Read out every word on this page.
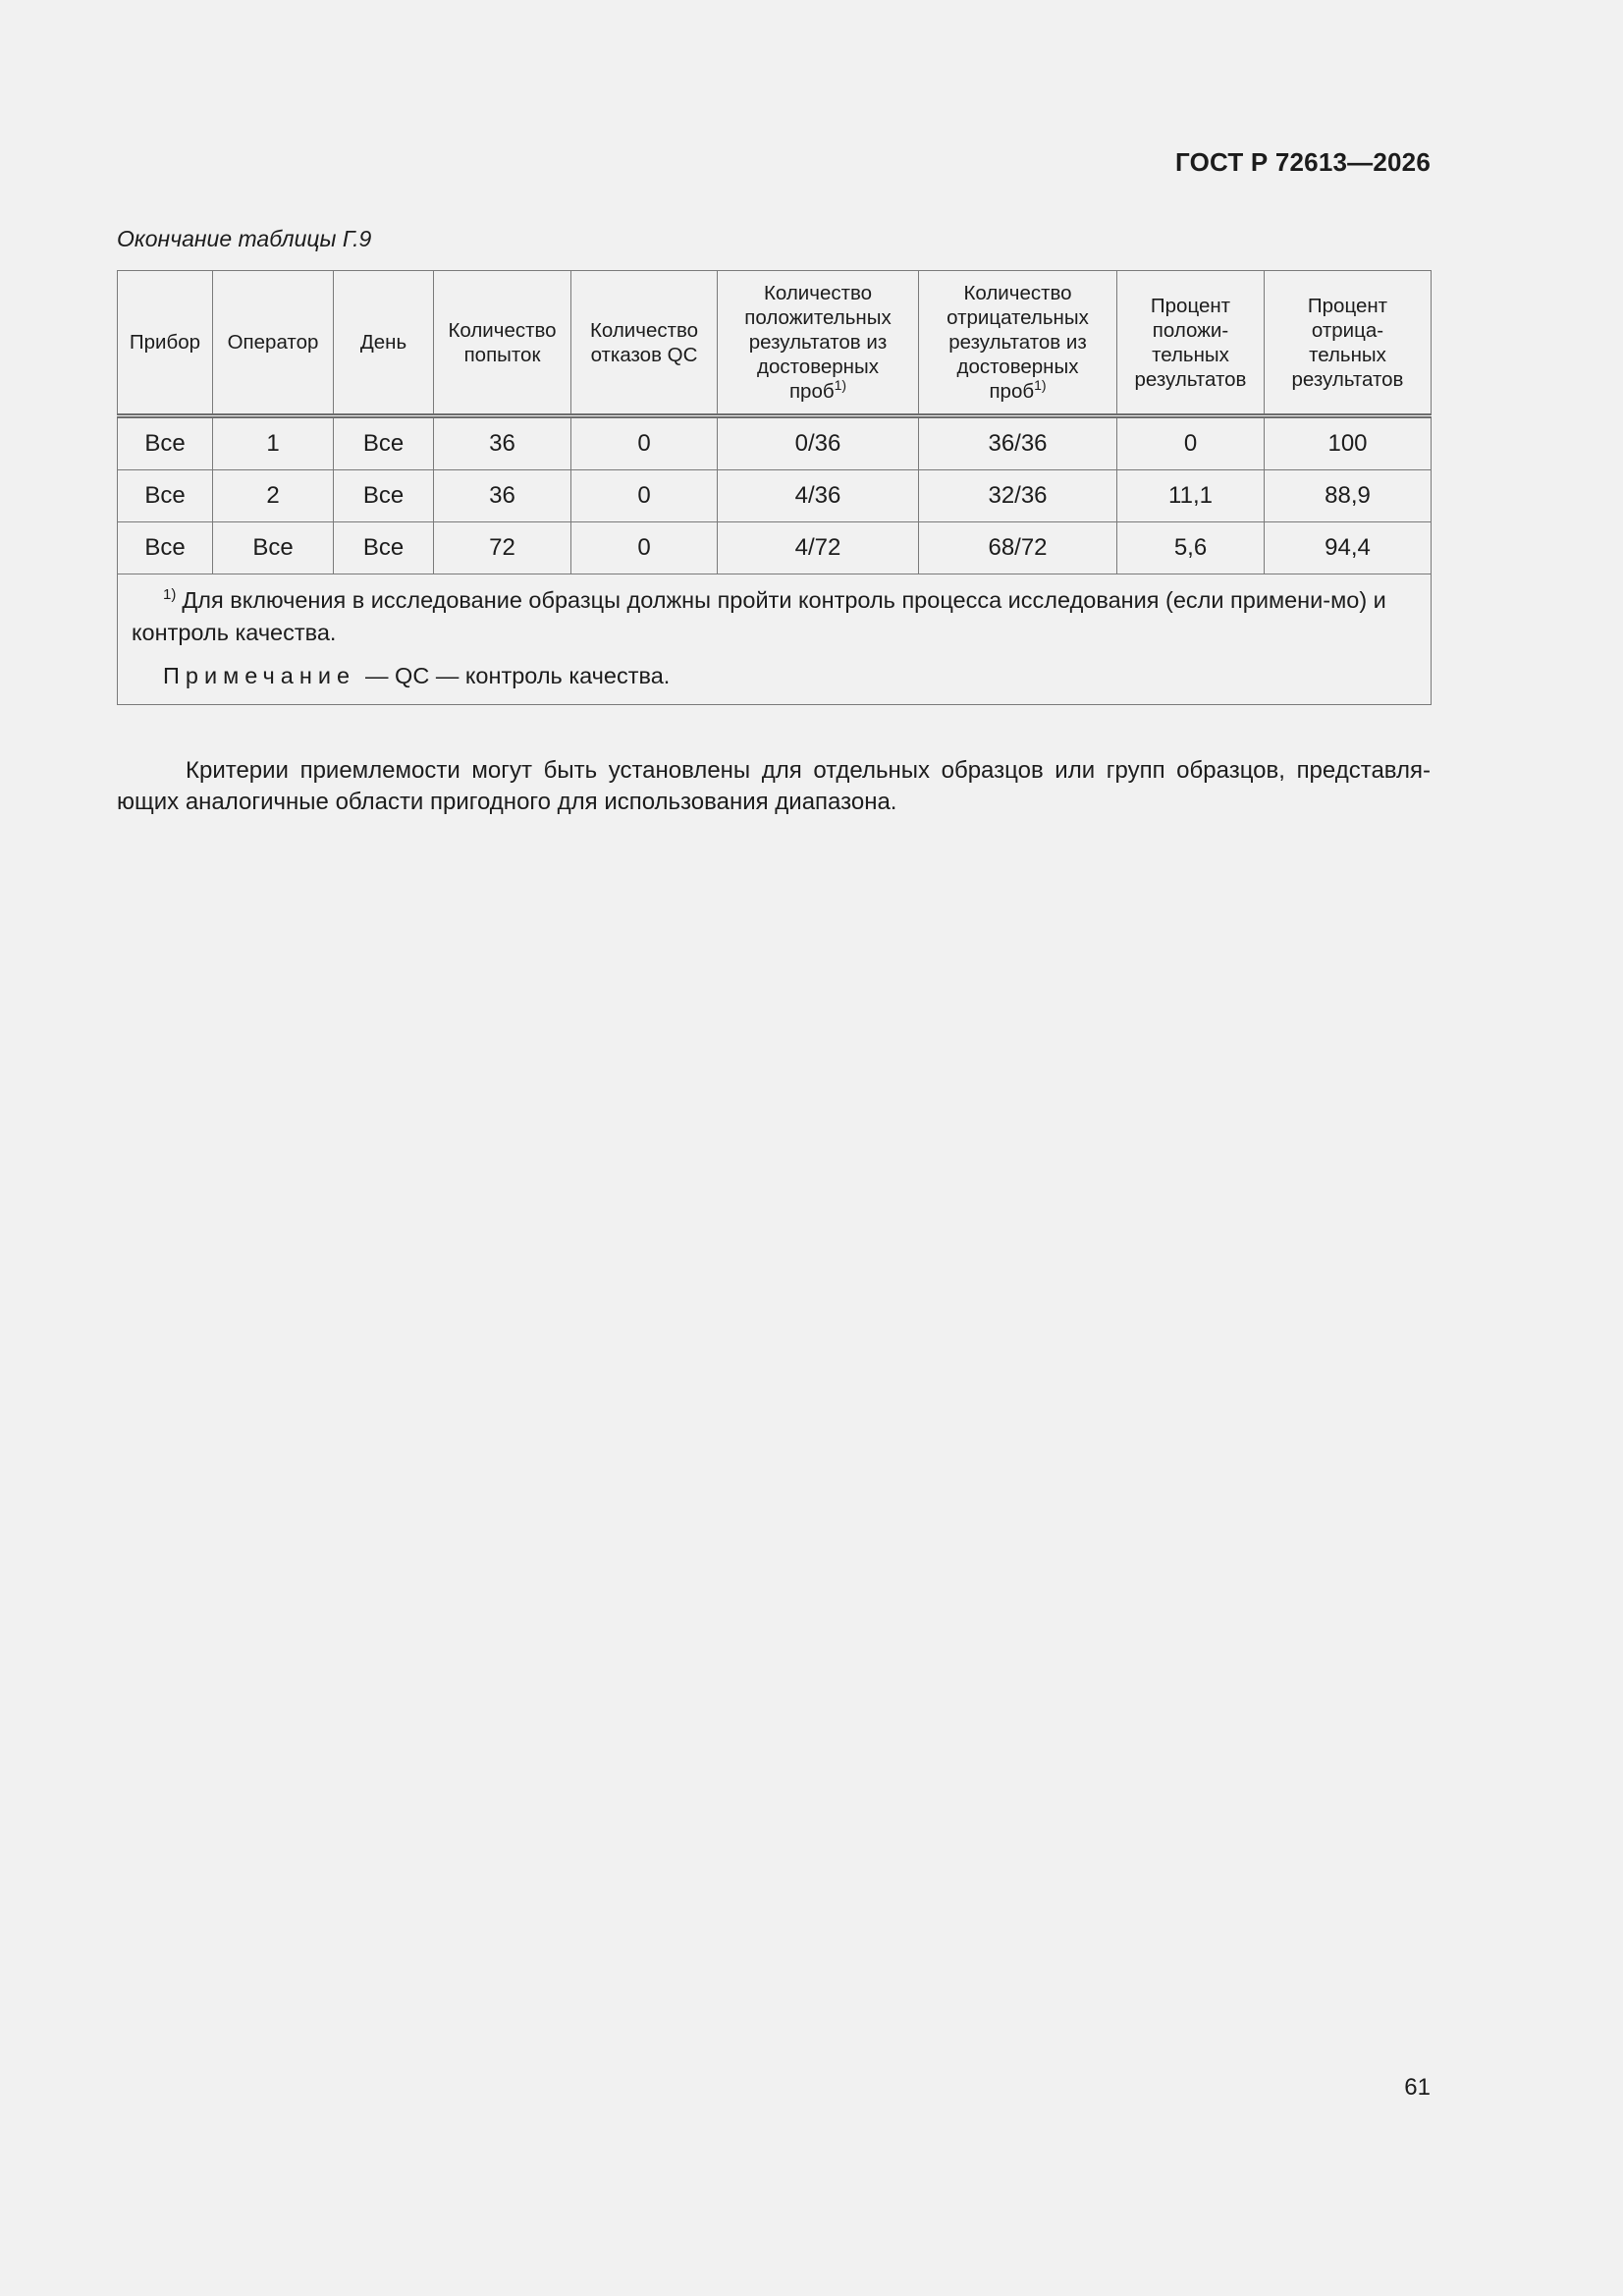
ГОСТ Р 72613—2026
Окончание таблицы Г.9
Прибор	Оператор	День	Количество попыток	Количество отказов QC	Количество положительных результатов из достоверных проб$^{1)}$	Количество отрицательных результатов из достоверных проб$^{1)}$	Процент положи-тельных результатов	Процент отрица-тельных результатов
Все	1	Все	36	0	0/36	36/36	0	100
Все	2	Все	36	0	4/36	32/36	11,1	88,9
Все	Все	Все	72	0	4/72	68/72	5,6	94,4

$^{1)}$ Для включения в исследование образцы должны пройти контроль процесса исследования (если примени-мо) и контроль качества.
Примечание — QC — контроль качества.								

Критерии приемлемости могут быть установлены для отдельных образцов или групп образцов, представля-ющих аналогичные области пригодного для использования диапазона.

61
